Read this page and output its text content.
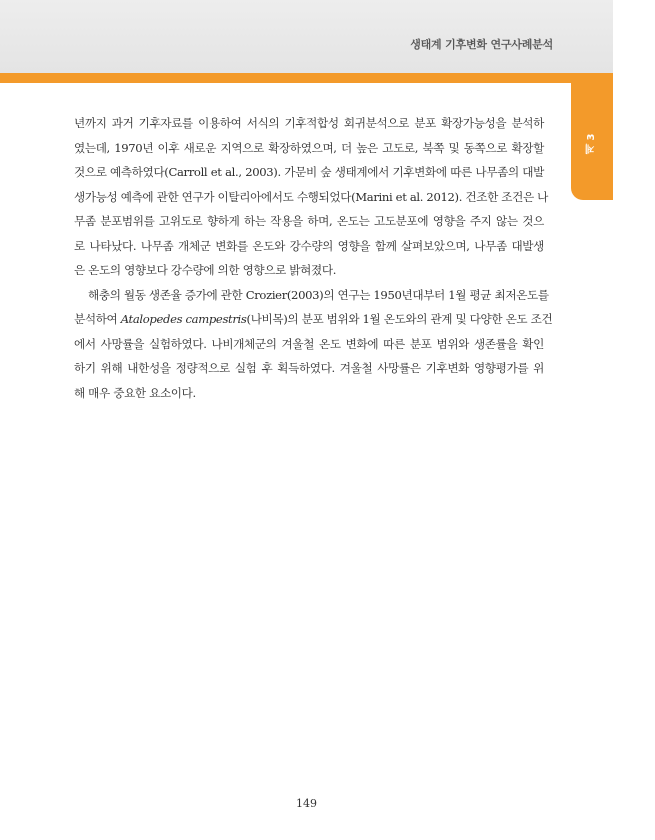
생태계 기후변화 연구사례분석
제 3 장
년까지 과거 기후자료를 이용하여 서식의 기후적합성 회귀분석으로 분포 확장가능성을 분석하
였는데, 1970년 이후 새로운 지역으로 확장하였으며, 더 높은 고도로, 북쪽 및 동쪽으로 확장할
것으로 예측하였다(Carroll et al., 2003). 가문비 숲 생태계에서 기후변화에 따른 나무좀의 대발
생가능성 예측에 관한 연구가 이탈리아에서도 수행되었다(Marini et al. 2012). 건조한 조건은 나
무좀 분포범위를 고위도로 향하게 하는 작용을 하며, 온도는 고도분포에 영향을 주지 않는 것으
로 나타났다. 나무좀 개체군 변화를 온도와 강수량의 영향을 함께 살펴보았으며, 나무좀 대발생
은 온도의 영향보다 강수량에 의한 영향으로 밝혀졌다.
해충의 월동 생존율 증가에 관한 Crozier(2003)의 연구는 1950년대부터 1월 평균 최저온도를
분석하여 Atalopedes campestris(나비목)의 분포 범위와 1월 온도와의 관계 및 다양한 온도 조건
에서 사망률을 실험하였다. 나비개체군의 겨울철 온도 변화에 따른 분포 범위와 생존률을 확인
하기 위해 내한성을 정량적으로 실험 후 획득하였다. 겨울철 사망률은 기후변화 영향평가를 위
해 매우 중요한 요소이다.
149
